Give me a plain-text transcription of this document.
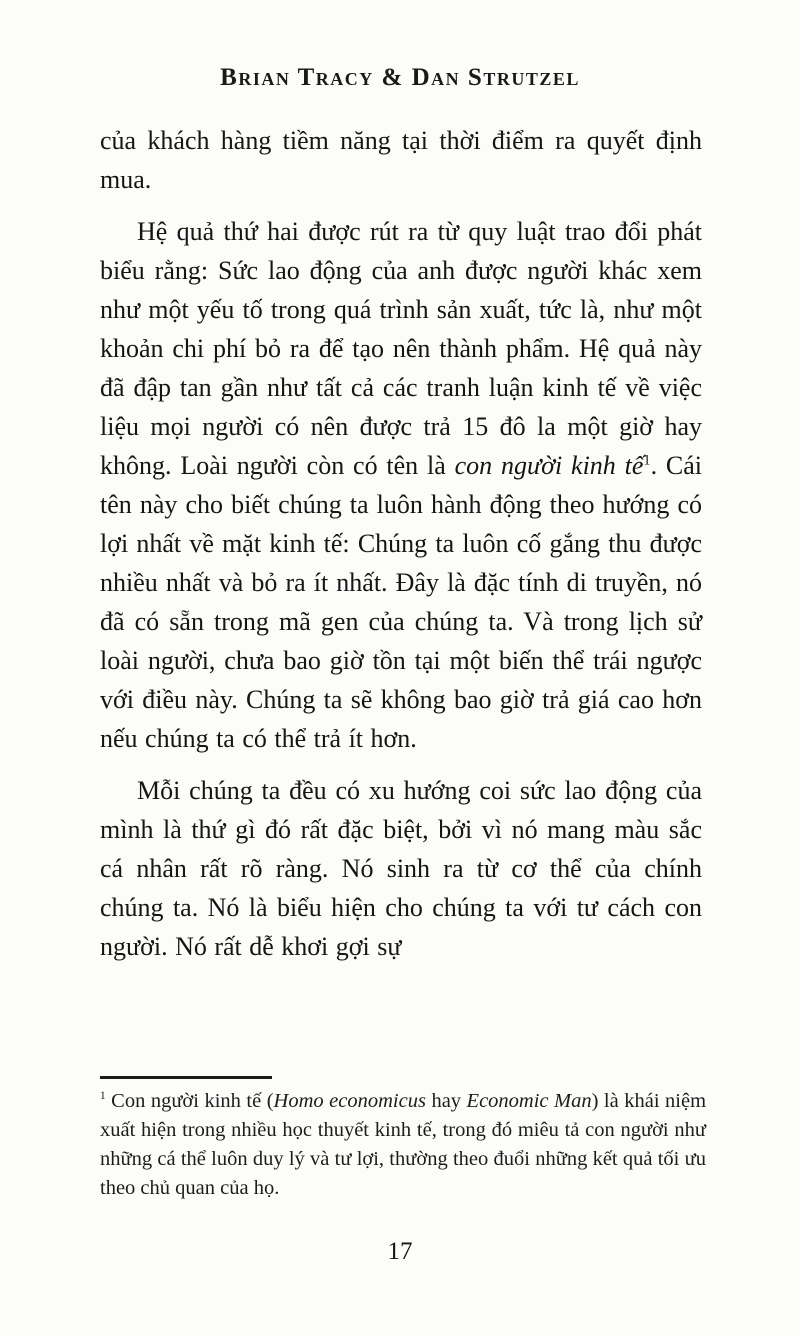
Brian Tracy & Dan Strutzel
của khách hàng tiềm năng tại thời điểm ra quyết định mua.
Hệ quả thứ hai được rút ra từ quy luật trao đổi phát biểu rằng: Sức lao động của anh được người khác xem như một yếu tố trong quá trình sản xuất, tức là, như một khoản chi phí bỏ ra để tạo nên thành phẩm. Hệ quả này đã đập tan gần như tất cả các tranh luận kinh tế về việc liệu mọi người có nên được trả 15 đô la một giờ hay không. Loài người còn có tên là con người kinh tế$^1$. Cái tên này cho biết chúng ta luôn hành động theo hướng có lợi nhất về mặt kinh tế: Chúng ta luôn cố gắng thu được nhiều nhất và bỏ ra ít nhất. Đây là đặc tính di truyền, nó đã có sẵn trong mã gen của chúng ta. Và trong lịch sử loài người, chưa bao giờ tồn tại một biến thể trái ngược với điều này. Chúng ta sẽ không bao giờ trả giá cao hơn nếu chúng ta có thể trả ít hơn.
Mỗi chúng ta đều có xu hướng coi sức lao động của mình là thứ gì đó rất đặc biệt, bởi vì nó mang màu sắc cá nhân rất rõ ràng. Nó sinh ra từ cơ thể của chính chúng ta. Nó là biểu hiện cho chúng ta với tư cách con người. Nó rất dễ khơi gợi sự
$^1$ Con người kinh tế (Homo economicus hay Economic Man) là khái niệm xuất hiện trong nhiều học thuyết kinh tế, trong đó miêu tả con người như những cá thể luôn duy lý và tư lợi, thường theo đuổi những kết quả tối ưu theo chủ quan của họ.
17
